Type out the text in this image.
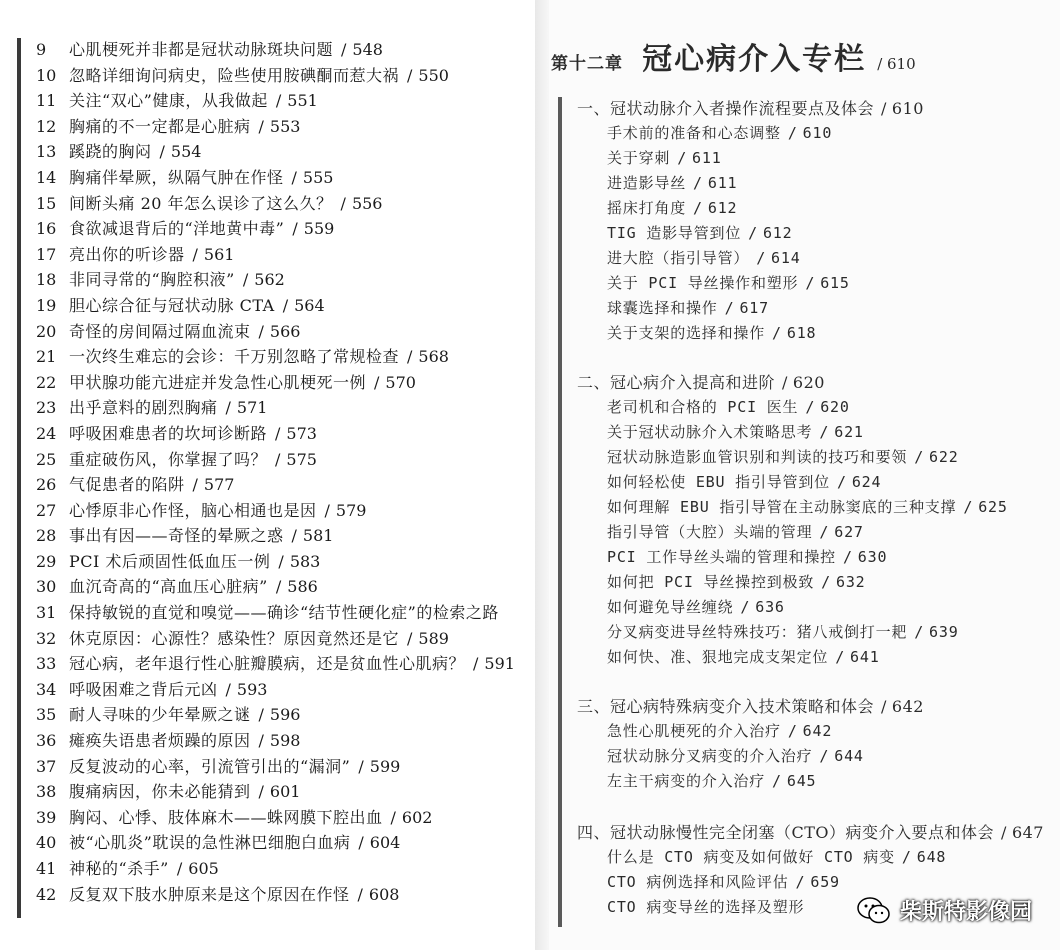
9 心肌梗死并非都是冠状动脉斑块问题 / 548
10 忽略详细询问病史，险些使用胺碘酮而惹大祸 / 550
11 关注“双心”健康，从我做起 / 551
12 胸痛的不一定都是心脏病 / 553
13 蹊跷的胸闷 / 554
14 胸痛伴晕厥，纵隔气肿在作怪 / 555
15 间断头痛 20 年怎么误诊了这么久？ / 556
16 食欲减退背后的“洋地黄中毒” / 559
17 亮出你的听诊器 / 561
18 非同寻常的“胸腔积液” / 562
19 胆心综合征与冠状动脉 CTA / 564
20 奇怪的房间隔过隔血流束 / 566
21 一次终生难忘的会诊：千万别忽略了常规检查 / 568
22 甲状腺功能亢进症并发急性心肌梗死一例 / 570
23 出乎意料的剧烈胸痛 / 571
24 呼吸困难患者的坎坷诊断路 / 573
25 重症破伤风，你掌握了吗？ / 575
26 气促患者的陷阱 / 577
27 心悸原非心作怪，脑心相通也是因 / 579
28 事出有因——奇怪的晕厥之惑 / 581
29 PCI 术后顽固性低血压一例 / 583
30 血沉奇高的“高血压心脏病” / 586
31 保持敏锐的直觉和嗅觉——确诊“结节性硬化症”的检索之路
32 休克原因：心源性？感染性？原因竟然还是它 / 589
33 冠心病，老年退行性心脏瓣膜病，还是贫血性心肌病？ / 591
34 呼吸困难之背后元凶 / 593
35 耐人寻味的少年晕厥之谜 / 596
36 瘫痪失语患者烦躁的原因 / 598
37 反复波动的心率，引流管引出的“漏洞” / 599
38 腹痛病因，你未必能猜到 / 601
39 胸闷、心悸、肢体麻木——蛛网膜下腔出血 / 602
40 被“心肌炎”耽误的急性淋巴细胞白血病 / 604
41 神秘的“杀手” / 605
42 反复双下肢水肿原来是这个原因在作怪 / 608
第十二章 冠心病介入专栏 / 610
一、冠状动脉介入者操作流程要点及体会 / 610
手术前的准备和心态调整 / 610
关于穿刺 / 611
进造影导丝 / 611
摇床打角度 / 612
TIG 造影导管到位 / 612
进大腔（指引导管） / 614
关于 PCI 导丝操作和塑形 / 615
球囊选择和操作 / 617
关于支架的选择和操作 / 618
二、冠心病介入提高和进阶 / 620
老司机和合格的 PCI 医生 / 620
关于冠状动脉介入术策略思考 / 621
冠状动脉造影血管识别和判读的技巧和要领 / 622
如何轻松使 EBU 指引导管到位 / 624
如何理解 EBU 指引导管在主动脉窦底的三种支撑 / 625
指引导管（大腔）头端的管理 / 627
PCI 工作导丝头端的管理和操控 / 630
如何把 PCI 导丝操控到极致 / 632
如何避免导丝缠绕 / 636
分叉病变进导丝特殊技巧：猪八戒倒打一耙 / 639
如何快、准、狠地完成支架定位 / 641
三、冠心病特殊病变介入技术策略和体会 / 642
急性心肌梗死的介入治疗 / 642
冠状动脉分叉病变的介入治疗 / 644
左主干病变的介入治疗 / 645
四、冠状动脉慢性完全闭塞（CTO）病变介入要点和体会 / 647
什么是 CTO 病变及如何做好 CTO 病变 / 648
CTO 病例选择和风险评估 / 659
CTO 病变导丝的选择及塑形	柴斯特影像园
